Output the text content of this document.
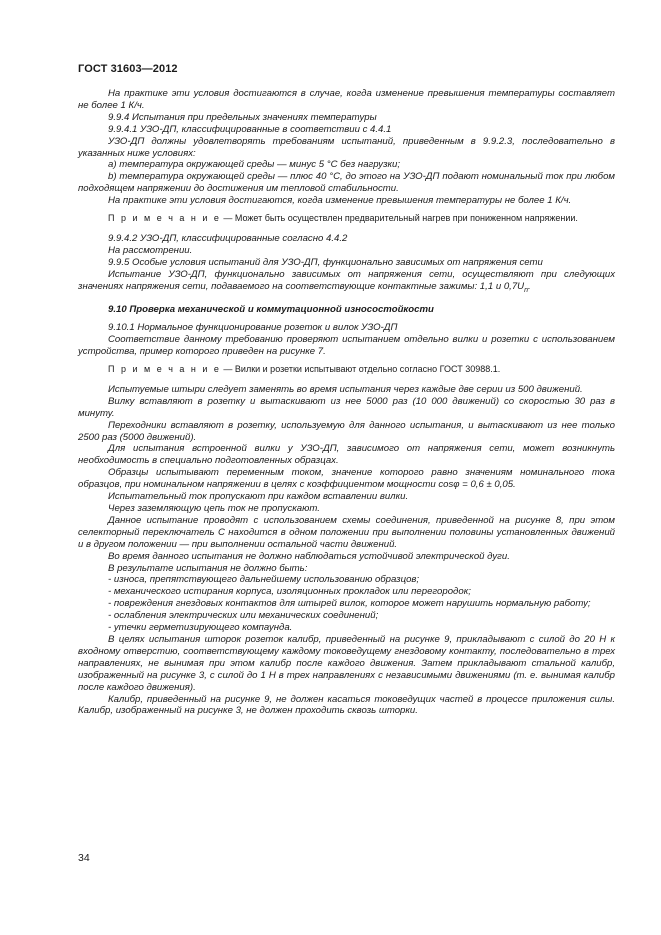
ГОСТ 31603—2012

На практике эти условия достигаются в случае, когда изменение превышения температуры составляет не более 1 К/ч.

9.9.4 Испытания при предельных значениях температуры

9.9.4.1 УЗО-ДП, классифицированные в соответствии с 4.4.1

УЗО-ДП должны удовлетворять требованиям испытаний, приведенным в 9.9.2.3, последовательно в указанных ниже условиях:

a) температура окружающей среды — минус 5 °С без нагрузки;

b) температура окружающей среды — плюс 40 °С, до этого на УЗО-ДП подают номинальный ток при любом подходящем напряжении до достижения им тепловой стабильности.

На практике эти условия достигаются, когда изменение превышения температуры не более 1 К/ч.

П р и м е ч а н и е — Может быть осуществлен предварительный нагрев при пониженном напряжении.

9.9.4.2 УЗО-ДП, классифицированные согласно 4.4.2

На рассмотрении.

9.9.5 Особые условия испытаний для УЗО-ДП, функционально зависимых от напряжения сети

Испытание УЗО-ДП, функционально зависимых от напряжения сети, осуществляют при следующих значениях напряжения сети, подаваемого на соответствующие контактные зажимы: 1,1 и $0,7U_n$.

9.10 Проверка механической и коммутационной износостойкости

9.10.1 Нормальное функционирование розеток и вилок УЗО-ДП

Соответствие данному требованию проверяют испытанием отдельно вилки и розетки с использованием устройства, пример которого приведен на рисунке 7.

П р и м е ч а н и е — Вилки и розетки испытывают отдельно согласно ГОСТ 30988.1.

Испытуемые штыри следует заменять во время испытания через каждые две серии из 500 движений.

Вилку вставляют в розетку и вытаскивают из нее 5000 раз (10 000 движений) со скоростью 30 раз в минуту.

Переходники вставляют в розетку, используемую для данного испытания, и вытаскивают из нее только 2500 раз (5000 движений).

Для испытания встроенной вилки у УЗО-ДП, зависимого от напряжения сети, может возникнуть необходимость в специально подготовленных образцах.

Образцы испытывают переменным током, значение которого равно значениям номинального тока образцов, при номинальном напряжении в целях с коэффициентом мощности cosφ = 0,6 ± 0,05.

Испытательный ток пропускают при каждом вставлении вилки.

Через заземляющую цепь ток не пропускают.

Данное испытание проводят с использованием схемы соединения, приведенной на рисунке 8, при этом селекторный переключатель С находится в одном положении при выполнении половины установленных движений и в другом положении — при выполнении остальной части движений.

Во время данного испытания не должно наблюдаться устойчивой электрической дуги.

В результате испытания не должно быть:

- износа, препятствующего дальнейшему использованию образцов;

- механического истирания корпуса, изоляционных прокладок или перегородок;

- повреждения гнездовых контактов для штырей вилок, которое может нарушить нормальную работу;

- ослабления электрических или механических соединений;

- утечки герметизирующего компаунда.

В целях испытания шторок розеток калибр, приведенный на рисунке 9, прикладывают с силой до 20 Н к входному отверстию, соответствующему каждому токоведущему гнездовому контакту, последовательно в трех направлениях, не вынимая при этом калибр после каждого движения. Затем прикладывают стальной калибр, изображенный на рисунке 3, с силой до 1 Н в трех направлениях с независимыми движениями (т. е. вынимая калибр после каждого движения).

Калибр, приведенный на рисунке 9, не должен касаться токоведущих частей в процессе приложения силы. Калибр, изображенный на рисунке 3, не должен проходить сквозь шторки.

34
